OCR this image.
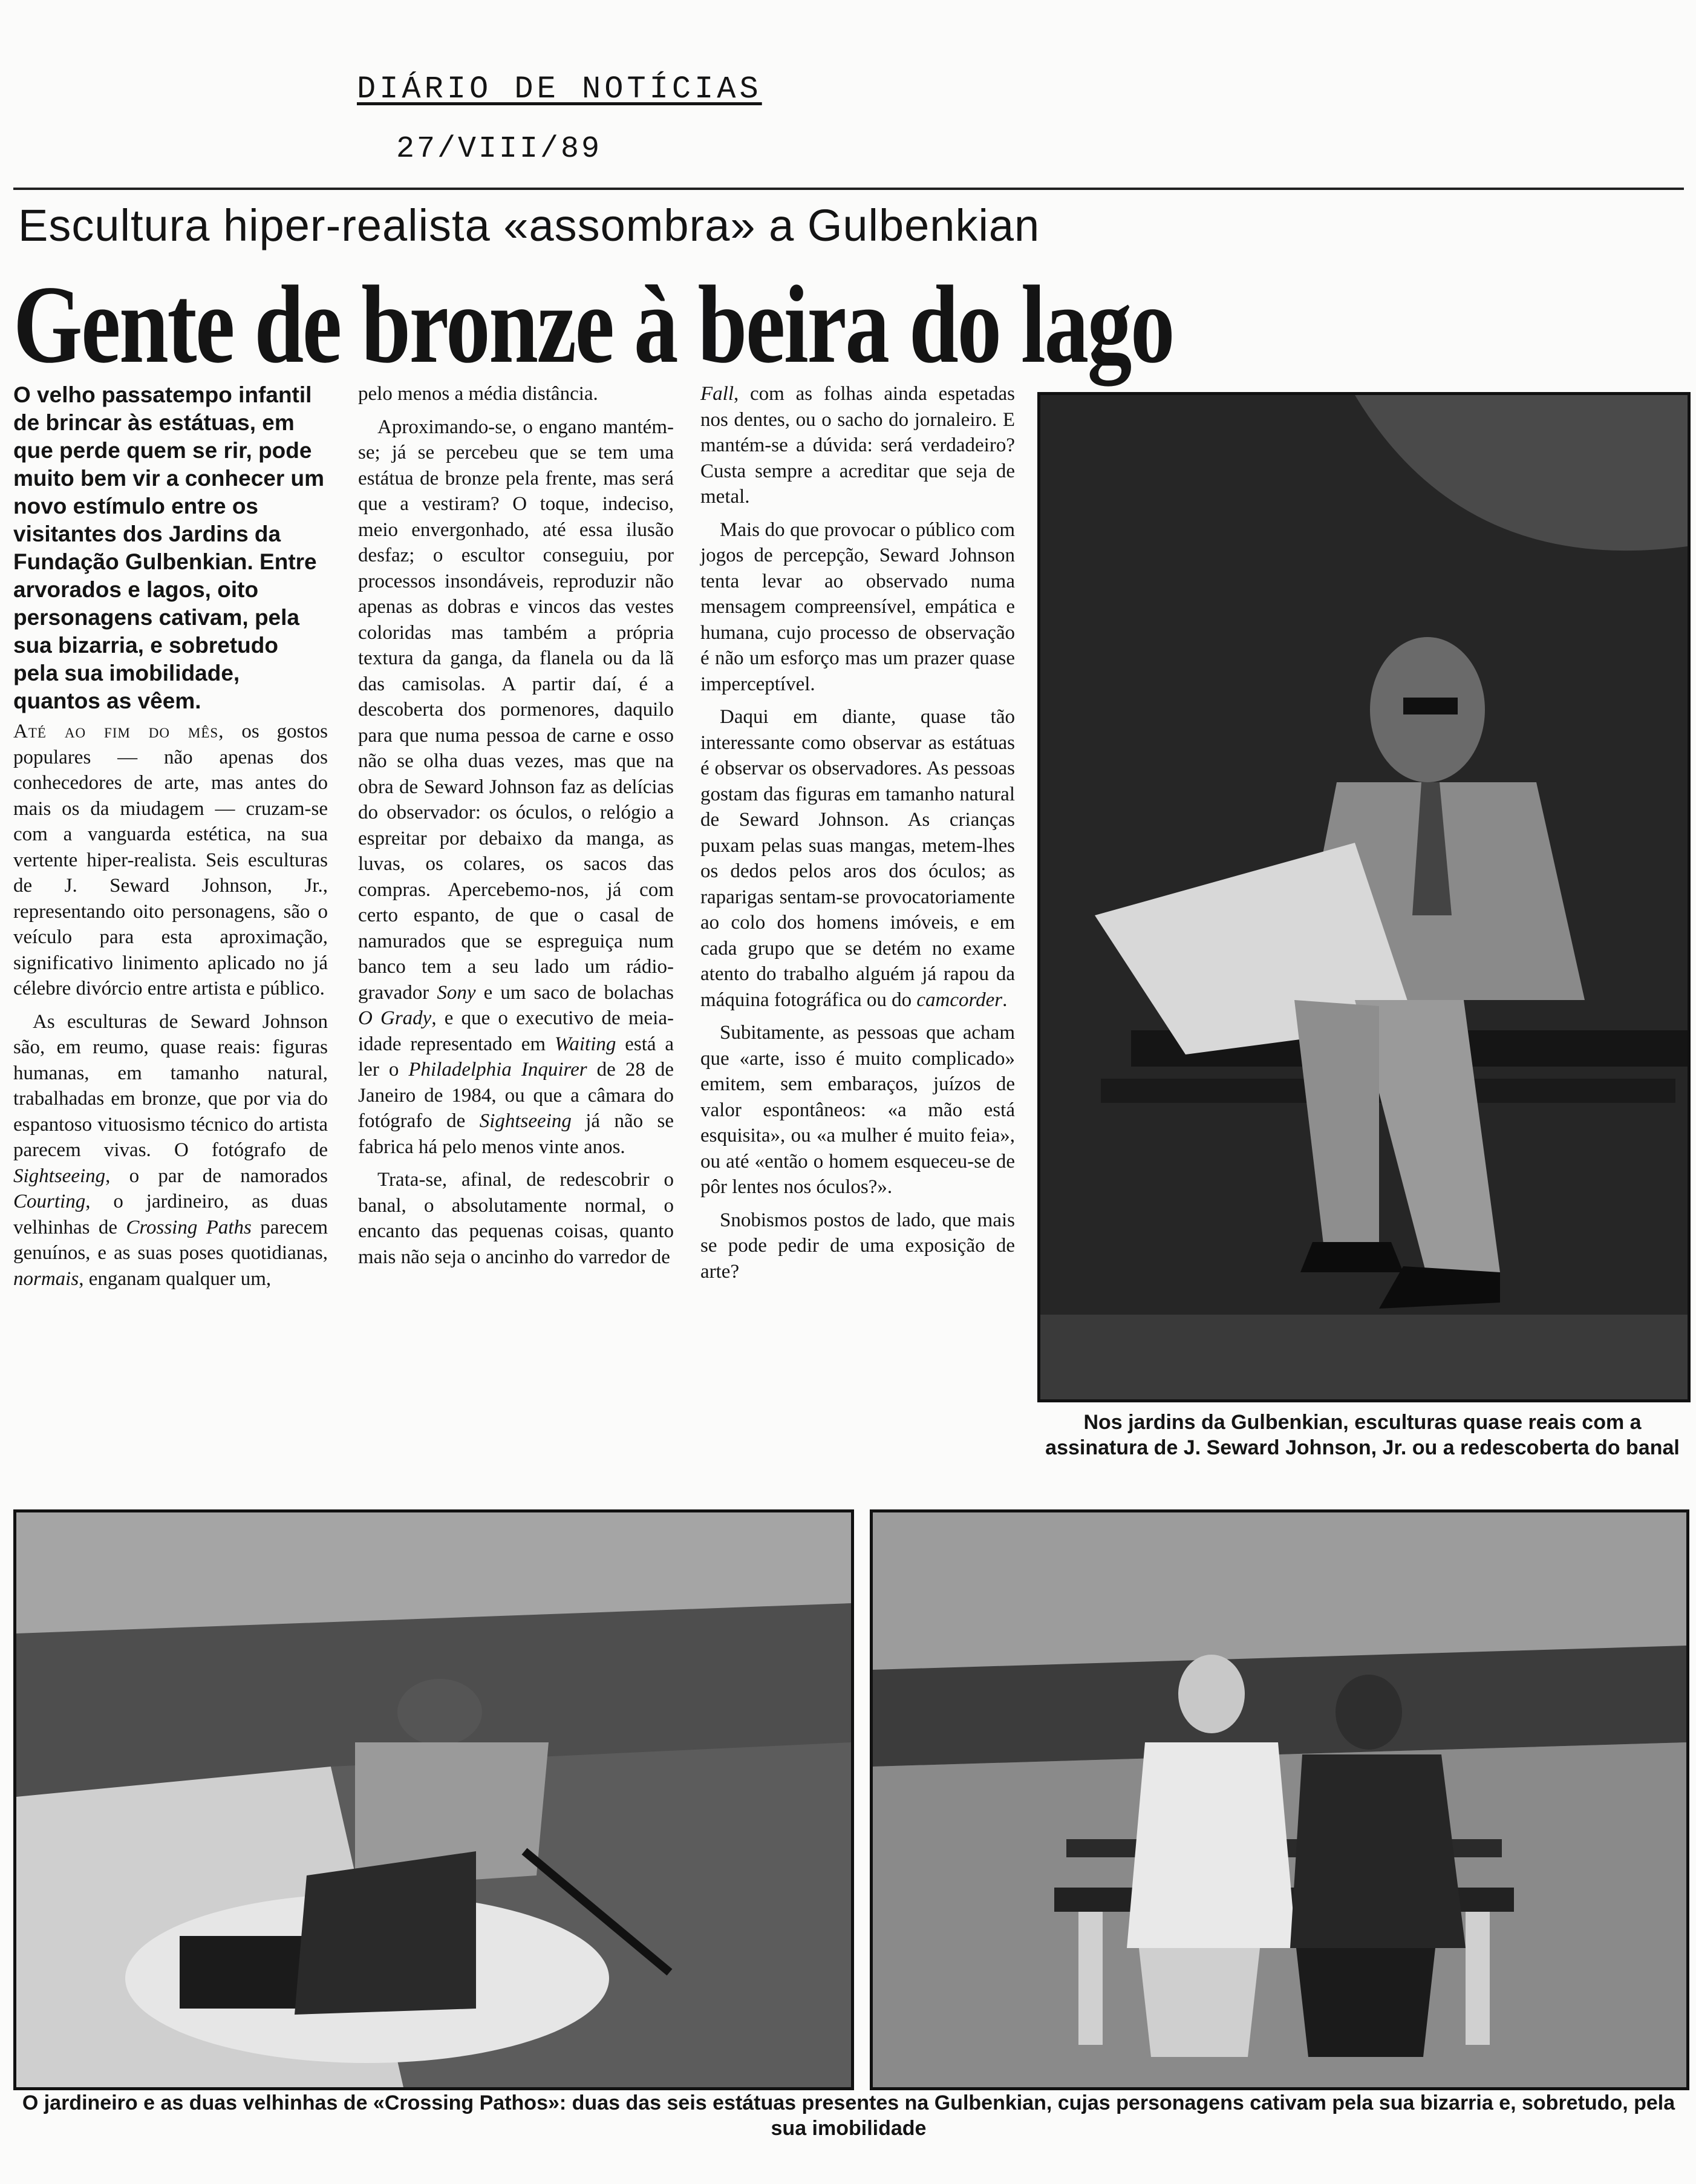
DIÁRIO DE NOTÍCIAS
27/VIII/89
Escultura hiper-realista «assombra» a Gulbenkian
Gente de bronze à beira do lago
O velho passatempo infantil de brincar às estátuas, em que perde quem se rir, pode muito bem vir a conhecer um novo estímulo entre os visitantes dos Jardins da Fundação Gulbenkian. Entre arvorados e lagos, oito personagens cativam, pela sua bizarria, e sobretudo pela sua imobilidade, quantos as vêem.

Até ao fim do mês, os gostos populares — não apenas dos conhecedores de arte, mas antes do mais os da miudagem — cruzam-se com a vanguarda estética, na sua vertente hiper-realista. Seis esculturas de J. Seward Johnson, Jr., representando oito personagens, são o veículo para esta aproximação, significativo linimento aplicado no já célebre divórcio entre artista e público.

As esculturas de Seward Johnson são, em reumo, quase reais: figuras humanas, em tamanho natural, trabalhadas em bronze, que por via do espantoso vituosismo técnico do artista parecem vivas. O fotógrafo de Sightseeing, o par de namorados Courting, o jardineiro, as duas velhinhas de Crossing Paths parecem genuínos, e as suas poses quotidianas, normais, enganam qualquer um,

pelo menos a média distância.

Aproximando-se, o engano mantém-se; já se percebeu que se tem uma estátua de bronze pela frente, mas será que a vestiram? O toque, indeciso, meio envergonhado, até essa ilusão desfaz; o escultor conseguiu, por processos insondáveis, reproduzir não apenas as dobras e vincos das vestes coloridas mas também a própria textura da ganga, da flanela ou da lã das camisolas. A partir daí, é a descoberta dos pormenores, daquilo para que numa pessoa de carne e osso não se olha duas vezes, mas que na obra de Seward Johnson faz as delícias do observador: os óculos, o relógio a espreitar por debaixo da manga, as luvas, os colares, os sacos das compras. Apercebemo-nos, já com certo espanto, de que o casal de namurados que se espreguiça num banco tem a seu lado um rádio-gravador Sony e um saco de bolachas O Grady, e que o executivo de meia-idade representado em Waiting está a ler o Philadelphia Inquirer de 28 de Janeiro de 1984, ou que a câmara do fotógrafo de Sightseeing já não se fabrica há pelo menos vinte anos.

Trata-se, afinal, de redescobrir o banal, o absolutamente normal, o encanto das pequenas coisas, quanto mais não seja o ancinho do varredor de

Fall, com as folhas ainda espetadas nos dentes, ou o sacho do jornaleiro. E mantém-se a dúvida: será verdadeiro? Custa sempre a acreditar que seja de metal.

Mais do que provocar o público com jogos de percepção, Seward Johnson tenta levar ao observado numa mensagem compreensível, empática e humana, cujo processo de observação é não um esforço mas um prazer quase imperceptível.

Daqui em diante, quase tão interessante como observar as estátuas é observar os observadores. As pessoas gostam das figuras em tamanho natural de Seward Johnson. As crianças puxam pelas suas mangas, metem-lhes os dedos pelos aros dos óculos; as raparigas sentam-se provocatoriamente ao colo dos homens imóveis, e em cada grupo que se detém no exame atento do trabalho alguém já rapou da máquina fotográfica ou do camcorder.

Subitamente, as pessoas que acham que «arte, isso é muito complicado» emitem, sem embaraços, juízos de valor espontâneos: «a mão está esquisita», ou «a mulher é muito feia», ou até «então o homem esqueceu-se de pôr lentes nos óculos?».

Snobismos postos de lado, que mais se pode pedir de uma exposição de arte?

Nos jardins da Gulbenkian, esculturas quase reais com a assinatura de J. Seward Johnson, Jr. ou a redescoberta do banal
O jardineiro e as duas velhinhas de «Crossing Pathos»: duas das seis estátuas presentes na Gulbenkian, cujas personagens cativam pela sua bizarria e, sobretudo, pela sua imobilidade
